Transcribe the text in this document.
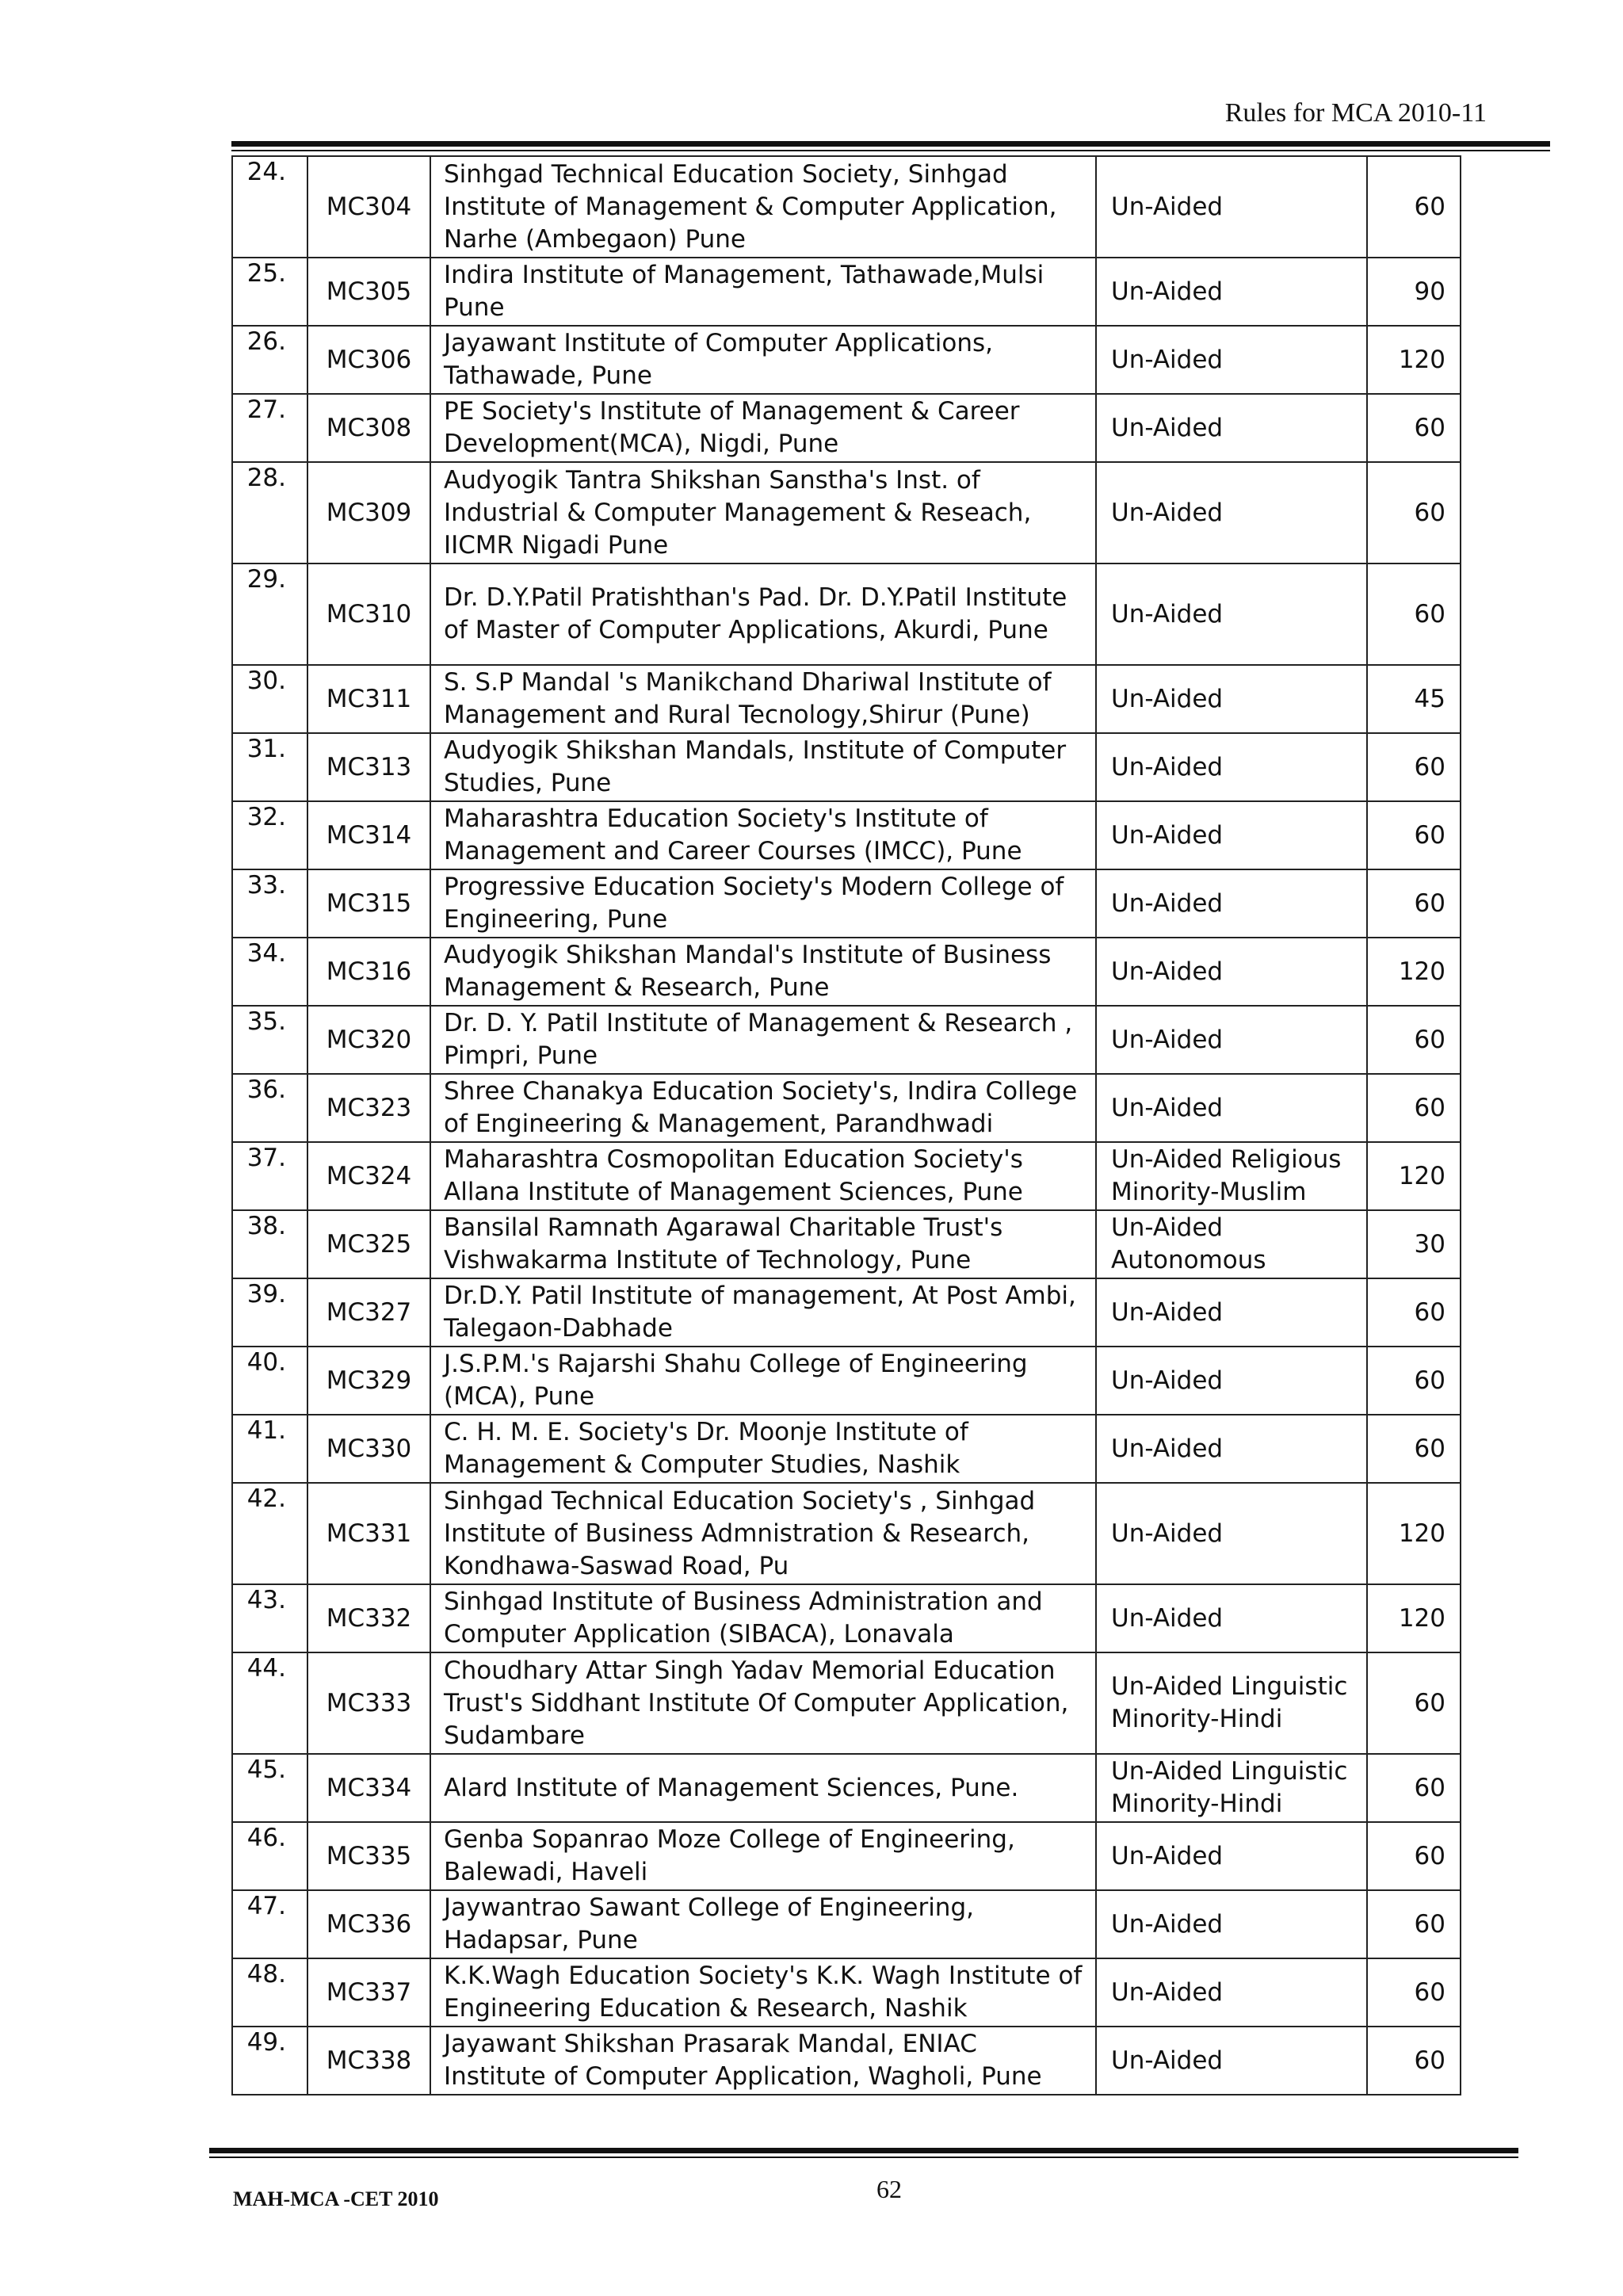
Rules for MCA 2010-11
24.	MC304	Sinhgad Technical Education Society, Sinhgad Institute of Management & Computer Application, Narhe (Ambegaon) Pune	Un-Aided	60
25.	MC305	Indira Institute of Management, Tathawade,Mulsi Pune	Un-Aided	90
26.	MC306	Jayawant Institute of Computer Applications, Tathawade, Pune	Un-Aided	120
27.	MC308	PE Society's Institute of Management & Career Development(MCA), Nigdi, Pune	Un-Aided	60
28.	MC309	Audyogik Tantra Shikshan Sanstha's Inst. of Industrial & Computer Management & Reseach, IICMR Nigadi Pune	Un-Aided	60
29.	MC310	Dr. D.Y.Patil Pratishthan's Pad. Dr. D.Y.Patil Institute of Master of Computer Applications, Akurdi, Pune	Un-Aided	60
30.	MC311	S. S.P Mandal 's Manikchand Dhariwal Institute of Management and Rural Tecnology,Shirur (Pune)	Un-Aided	45
31.	MC313	Audyogik Shikshan Mandals, Institute of Computer Studies, Pune	Un-Aided	60
32.	MC314	Maharashtra Education Society's Institute of Management and Career Courses (IMCC), Pune	Un-Aided	60
33.	MC315	Progressive Education Society's Modern College of Engineering, Pune	Un-Aided	60
34.	MC316	Audyogik Shikshan Mandal's Institute of Business Management & Research, Pune	Un-Aided	120
35.	MC320	Dr. D. Y. Patil Institute of Management & Research , Pimpri, Pune	Un-Aided	60
36.	MC323	Shree Chanakya Education Society's, Indira College of Engineering & Management, Parandhwadi	Un-Aided	60
37.	MC324	Maharashtra Cosmopolitan Education Society's Allana Institute of Management Sciences, Pune	Un-Aided Religious Minority-Muslim	120
38.	MC325	Bansilal Ramnath Agarawal Charitable Trust's Vishwakarma Institute of Technology, Pune	Un-Aided Autonomous	30
39.	MC327	Dr.D.Y. Patil Institute of management, At Post Ambi, Talegaon-Dabhade	Un-Aided	60
40.	MC329	J.S.P.M.'s Rajarshi Shahu College of Engineering (MCA), Pune	Un-Aided	60
41.	MC330	C. H. M. E. Society's Dr. Moonje Institute of Management & Computer Studies, Nashik	Un-Aided	60
42.	MC331	Sinhgad Technical Education Society's , Sinhgad Institute of Business Admnistration & Research, Kondhawa-Saswad Road, Pu	Un-Aided	120
43.	MC332	Sinhgad Institute of Business Administration and Computer Application (SIBACA), Lonavala	Un-Aided	120
44.	MC333	Choudhary Attar Singh Yadav Memorial Education Trust's Siddhant Institute Of Computer Application, Sudambare	Un-Aided Linguistic Minority-Hindi	60
45.	MC334	Alard Institute of Management Sciences, Pune.	Un-Aided Linguistic Minority-Hindi	60
46.	MC335	Genba Sopanrao Moze College of Engineering, Balewadi, Haveli	Un-Aided	60
47.	MC336	Jaywantrao Sawant College of Engineering, Hadapsar, Pune	Un-Aided	60
48.	MC337	K.K.Wagh Education Society's K.K. Wagh Institute of Engineering Education & Research, Nashik	Un-Aided	60
49.	MC338	Jayawant Shikshan Prasarak Mandal, ENIAC Institute of Computer Application, Wagholi, Pune	Un-Aided	60
MAH-MCA -CET 2010	62
